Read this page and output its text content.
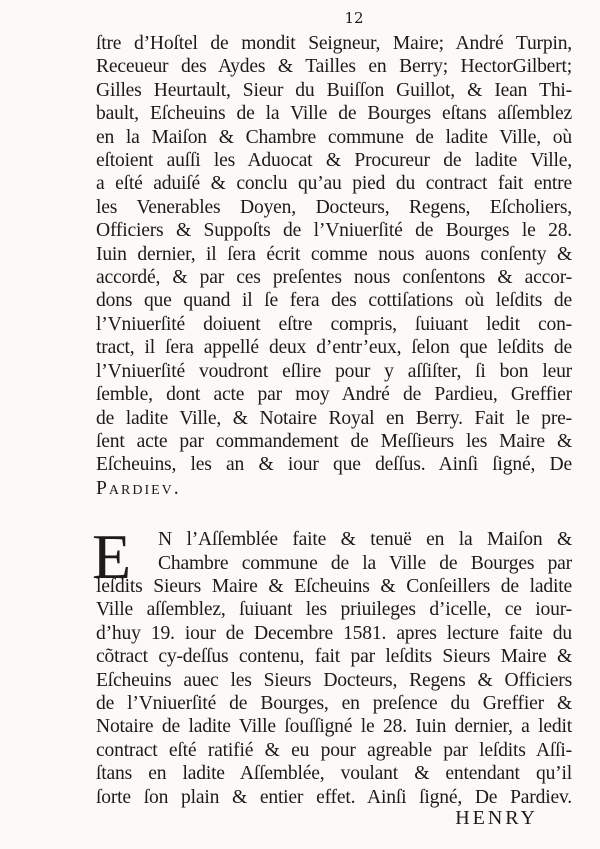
12
ſtre d’Hoſtel de mondit Seigneur, Maire; André Turpin,
Receueur des Aydes & Tailles en Berry; HectorGilbert;
Gilles Heurtault, Sieur du Buiſſon Guillot, & Iean Thi-
bault, Eſcheuins de la Ville de Bourges eſtans aſſemblez
en la Maiſon & Chambre commune de ladite Ville, où
eſtoient auſſi les Aduocat & Procureur de ladite Ville,
a eſté aduiſé & conclu qu’au pied du contract fait entre
les Venerables Doyen, Docteurs, Regens, Eſcholiers,
Officiers & Suppoſts de l’Vniuerſité de Bourges le 28.
Iuin dernier, il ſera écrit comme nous auons conſenty &
accordé, & par ces preſentes nous conſentons & accor-
dons que quand il ſe fera des cottiſations où leſdits de
l’Vniuerſité doiuent eſtre compris, ſuiuant ledit con-
tract, il ſera appellé deux d’entr’eux, ſelon que leſdits de
l’Vniuerſité voudront eſlire pour y aſſiſter, ſi bon leur
ſemble, dont acte par moy André de Pardieu, Greffier
de ladite Ville, & Notaire Royal en Berry. Fait le pre-
ſent acte par commandement de Meſſieurs les Maire &
Eſcheuins, les an & iour que deſſus. Ainſi ſigné, De
Pardiev.
E	N l’Aſſemblée faite & tenuë en la Maiſon &
Chambre commune de la Ville de Bourges par
leſdits Sieurs Maire & Eſcheuins & Conſeillers de ladite
Ville aſſemblez, ſuiuant les priuileges d’icelle, ce iour-
d’huy 19. iour de Decembre 1581. apres lecture faite du
cõtract cy-deſſus contenu, fait par leſdits Sieurs Maire &
Eſcheuins auec les Sieurs Docteurs, Regens & Officiers
de l’Vniuerſité de Bourges, en preſence du Greffier &
Notaire de ladite Ville ſouſſigné le 28. Iuin dernier, a ledit
contract eſté ratifié & eu pour agreable par leſdits Aſſi-
ſtans en ladite Aſſemblée, voulant & entendant qu’il
ſorte ſon plain & entier effet. Ainſi ſigné, De Pardiev.
HENRY
